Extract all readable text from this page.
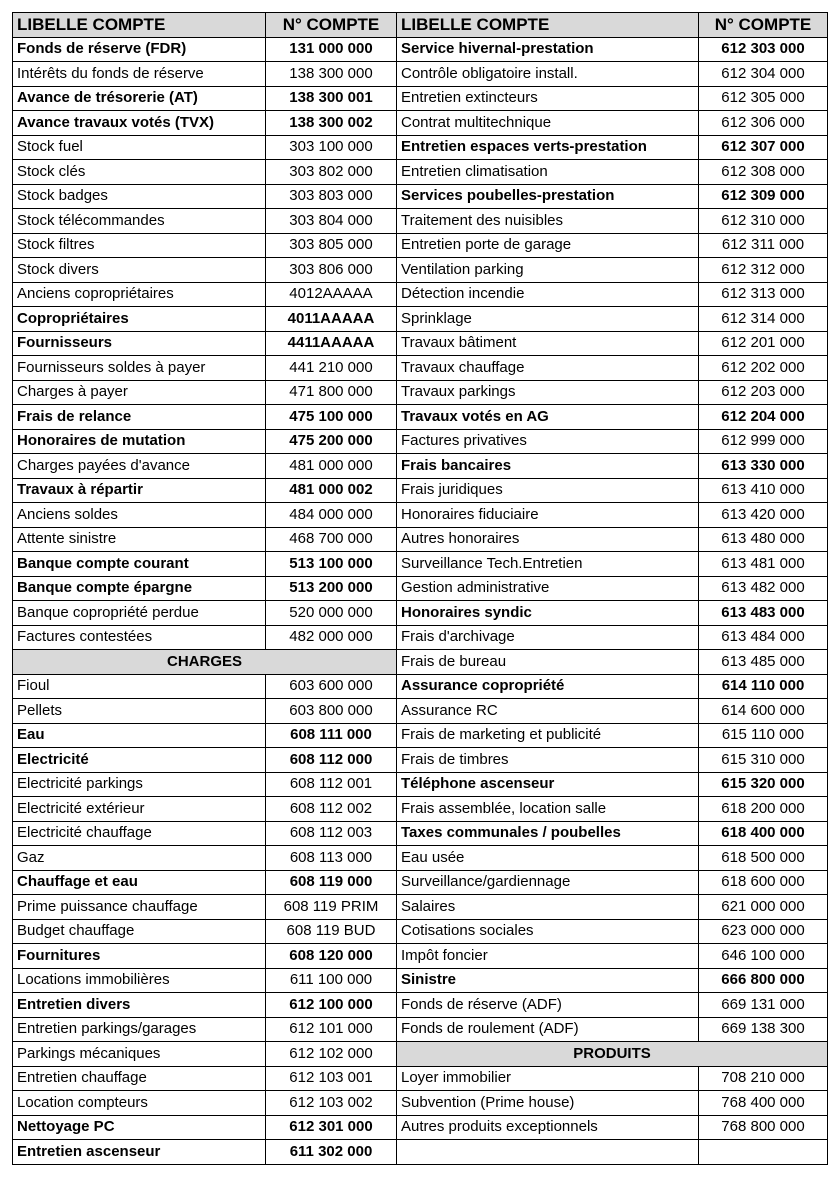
LIBELLE COMPTE	N° COMPTE	LIBELLE COMPTE	N° COMPTE
Fonds de réserve (FDR)	131 000 000	Service hivernal-prestation	612 303 000
Intérêts du fonds de réserve	138 300 000	Contrôle obligatoire install.	612 304 000
Avance de trésorerie (AT)	138 300 001	Entretien extincteurs	612 305 000
Avance travaux votés (TVX)	138 300 002	Contrat multitechnique	612 306 000
Stock fuel	303 100 000	Entretien espaces verts-prestation	612 307 000
Stock clés	303 802 000	Entretien climatisation	612 308 000
Stock badges	303 803 000	Services poubelles-prestation	612 309 000
Stock télécommandes	303 804 000	Traitement des nuisibles	612 310 000
Stock filtres	303 805 000	Entretien porte de garage	612 311 000
Stock divers	303 806 000	Ventilation parking	612 312 000
Anciens copropriétaires	4012AAAAA	Détection incendie	612 313 000
Copropriétaires	4011AAAAA	Sprinklage	612 314 000
Fournisseurs	4411AAAAA	Travaux bâtiment	612 201 000
Fournisseurs soldes à payer	441 210 000	Travaux chauffage	612 202 000
Charges à payer	471 800 000	Travaux parkings	612 203 000
Frais de relance	475 100 000	Travaux votés en AG	612 204 000
Honoraires de mutation	475 200 000	Factures privatives	612 999 000
Charges payées d'avance	481 000 000	Frais bancaires	613 330 000
Travaux à répartir	481 000 002	Frais juridiques	613 410 000
Anciens soldes	484 000 000	Honoraires fiduciaire	613 420 000
Attente sinistre	468 700 000	Autres honoraires	613 480 000
Banque compte courant	513 100 000	Surveillance Tech.Entretien	613 481 000
Banque compte épargne	513 200 000	Gestion administrative	613 482 000
Banque copropriété perdue	520 000 000	Honoraires syndic	613 483 000
Factures contestées	482 000 000	Frais d'archivage	613 484 000
CHARGES		Frais de bureau	613 485 000
Fioul	603 600 000	Assurance copropriété	614 110 000
Pellets	603 800 000	Assurance RC	614 600 000
Eau	608 111 000	Frais de marketing et publicité	615 110 000
Electricité	608 112 000	Frais de timbres	615 310 000
Electricité parkings	608 112 001	Téléphone ascenseur	615 320 000
Electricité extérieur	608 112 002	Frais assemblée, location salle	618 200 000
Electricité chauffage	608 112 003	Taxes communales / poubelles	618 400 000
Gaz	608 113 000	Eau usée	618 500 000
Chauffage et eau	608 119 000	Surveillance/gardiennage	618 600 000
Prime puissance chauffage	608 119 PRIM	Salaires	621 000 000
Budget chauffage	608 119 BUD	Cotisations sociales	623 000 000
Fournitures	608 120 000	Impôt foncier	646 100 000
Locations immobilières	611 100 000	Sinistre	666 800 000
Entretien divers	612 100 000	Fonds de réserve (ADF)	669 131 000
Entretien parkings/garages	612 101 000	Fonds de roulement (ADF)	669 138 300
Parkings mécaniques	612 102 000	PRODUITS	
Entretien chauffage	612 103 001	Loyer immobilier	708 210 000
Location compteurs	612 103 002	Subvention (Prime house)	768 400 000
Nettoyage PC	612 301 000	Autres produits exceptionnels	768 800 000
Entretien ascenseur	611 302 000		
